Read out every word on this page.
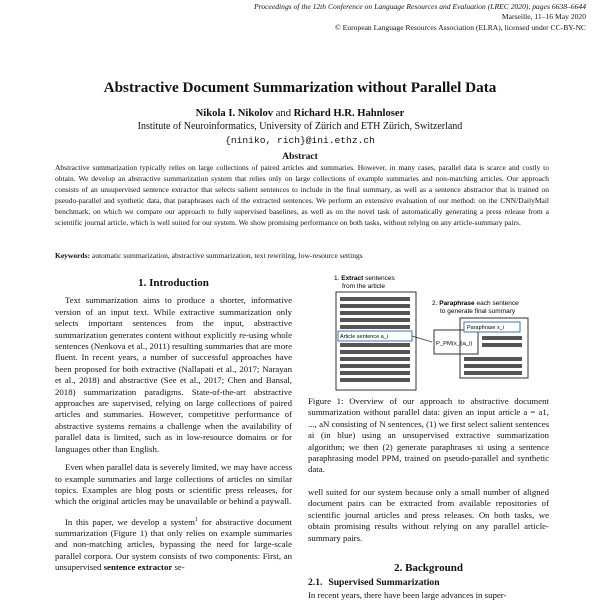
Proceedings of the 12th Conference on Language Resources and Evaluation (LREC 2020), pages 6638–6644
Marseille, 11–16 May 2020
© European Language Resources Association (ELRA), licensed under CC-BY-NC
Abstractive Document Summarization without Parallel Data
Nikola I. Nikolov and Richard H.R. Hahnloser
Institute of Neuroinformatics, University of Zürich and ETH Zürich, Switzerland
{niniko, rich}@ini.ethz.ch
Abstract
Abstractive summarization typically relies on large collections of paired articles and summaries. However, in many cases, parallel data is scarce and costly to obtain. We develop an abstractive summarization system that relies only on large collections of example summaries and non-matching articles. Our approach consists of an unsupervised sentence extractor that selects salient sentences to include in the final summary, as well as a sentence abstractor that is trained on pseudo-parallel and synthetic data, that paraphrases each of the extracted sentences. We perform an extensive evaluation of our method: on the CNN/DailyMail benchmark, on which we compare our approach to fully supervised baselines, as well as on the novel task of automatically generating a press release from a scientific journal article, which is well suited for our system. We show promising performance on both tasks, without relying on any article-summary pairs.
Keywords: automatic summarization, abstractive summarization, text rewriting, low-resource settings
1. Introduction

Text summarization aims to produce a shorter, informative version of an input text. While extractive summarization only selects important sentences from the input, abstractive summarization generates content without explicitly re-using whole sentences (Nenkova et al., 2011) resulting summaries that are more fluent. In recent years, a number of successful approaches have been proposed for both extractive (Nallapati et al., 2017; Narayan et al., 2018) and abstractive (See et al., 2017; Chen and Bansal, 2018) summarization paradigms. State-of-the-art abstractive approaches are supervised, relying on large collections of paired articles and summaries. However, competitive performance of abstractive systems remains a challenge when the availability of parallel data is limited, such as in low-resource domains or for languages other than English.

Even when parallel data is severely limited, we may have access to example summaries and large collections of articles on similar topics. Examples are blog posts or scientific press releases, for which the original articles may be unavailable or behind a paywall.

In this paper, we develop a system$^1$ for abstractive document summarization (Figure 1) that only relies on example summaries and non-matching articles, bypassing the need for large-scale parallel corpora. Our system consists of two components: First, an unsupervised sentence extractor se-

1. Extract sentences
from the article
2. Paraphrase each sentence
to generate final summary
Article sentence a_i
P_PM(x_i|a_i)
Paraphrase x_i
Figure 1: Overview of our approach to abstractive document summarization without parallel data: given an input article a = a1, ..., aN consisting of N sentences, (1) we first select salient sentences ai (in blue) using an unsupervised extractive summarization algorithm; we then (2) generate paraphrases xi using a sentence paraphrasing model PPM, trained on pseudo-parallel and synthetic data.

well suited for our system because only a small number of aligned document pairs can be extracted from available repositories of scientific journal articles and press releases. On both tasks, we obtain promising results without relying on any parallel article-summary pairs.

2. Background
2.1. Supervised Summarization
In recent years, there have been large advances in super-
